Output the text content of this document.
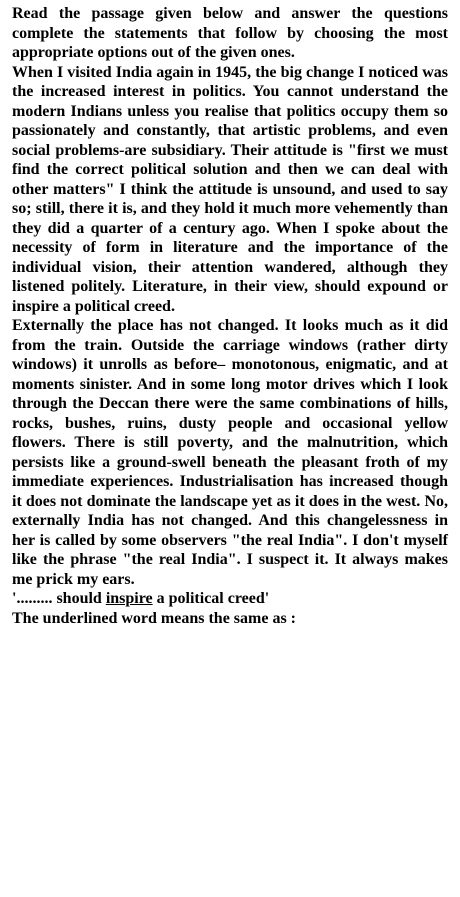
Read the passage given below and answer the questions complete the statements that follow by choosing the most appropriate options out of the given ones.

When I visited India again in 1945, the big change I noticed was the increased interest in politics. You cannot understand the modern Indians unless you realise that politics occupy them so passionately and constantly, that artistic problems, and even social problems-are subsidiary. Their attitude is "first we must find the correct political solution and then we can deal with other matters" I think the attitude is unsound, and used to say so; still, there it is, and they hold it much more vehemently than they did a quarter of a century ago. When I spoke about the necessity of form in literature and the importance of the individual vision, their attention wandered, although they listened politely. Literature, in their view, should expound or inspire a political creed.

Externally the place has not changed. It looks much as it did from the train. Outside the carriage windows (rather dirty windows) it unrolls as before– monotonous, enigmatic, and at moments sinister. And in some long motor drives which I look through the Deccan there were the same combinations of hills, rocks, bushes, ruins, dusty people and occasional yellow flowers. There is still poverty, and the malnutrition, which persists like a ground-swell beneath the pleasant froth of my immediate experiences. Industrialisation has increased though it does not dominate the landscape yet as it does in the west. No, externally India has not changed. And this changelessness in her is called by some observers "the real India". I don't myself like the phrase "the real India". I suspect it. It always makes me prick my ears.

'......... should inspire a political creed'

The underlined word means the same as :
